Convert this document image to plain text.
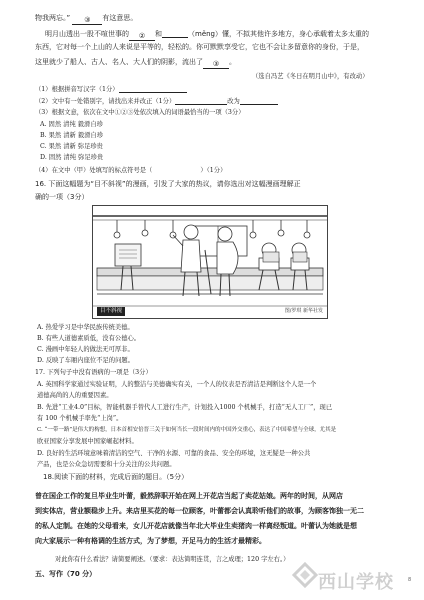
物我两忘。” ③有这意思。
明月山透出一股不喧世事的②和	（měng）懂，不拟其他许多地方，身心承载着太多太重的
东西，它对每一个上山的人来说是平等的，轻松的。你可默默享受它，它也不会让多留意你的身份，于是，
这里就少了船人、古人、名人、大人们的阴影，流出了③。
（选自冯艺《冬日在明月山中》，有改动）
（1）根据拼音写汉字（1分）
（2）文中有一处错别字，请找出来并改正（1分）	改为
（3）根据文意，依次在文中①②③处依次填入的词语最恰当的一项（3分）
A. 固然 清纯 毅滑自珍
B. 果然 清新 毅滑自珍
C. 果然 清新 弥足珍贵
D. 固然 清纯 弥足珍贵
（4）在文中（甲）处填写的标点符号是（	）（1分）
16. 下面这幅题为“目不斜视”的漫画，引发了大家的热议，请你选出对这幅漫画理解正
确的一项（3分）
目不斜视	图/罗琪 新华社发
A. 热爱学习是中华民族传统美德。
B. 有些人道德素质低，没有公德心。
C. 漫画中年轻人的做法无可厚非。
D. 反映了车厢内座位不足的问题。
17. 下列句子中没有语病的一项是（3分）
A. 英国科学家通过实验证明，人的整洁与美德确实有关，一个人的仪表是否清洁是判断这个人是一个
道德高尚的人的重要因素。
B. 先进“工业4.0”目标，智能机器手替代人工进行生产，计划投入1000 个机械手，打造“无人工厂”，现已
有 100 个机械手率先“上岗”。
C. “一带一路”是伟大的构想，日本首相安倍晋三关于如何当长一段时间内的中国外交重心，表达了中国希望与全球，尤其是
欧亚国家分享发展中国家崛起材料。
D. 良好的生活环境意味着清洁的空气、干净的水源、可靠的食品、安全的环境，这无疑是一种公共
产品，也是公众急切需要和十分关注的公共问题。
18.阅读下面的材料，完成后面的题目。（5分）
曾在国企工作的复旦毕业生叶蕾，毅然辞职开始在网上开花店当起了卖花姑娘。两年的时间，从网店
到实体店，营业额稳步上升。来店里买花的每一位顾客，叶蕾都会认真聆听他们的故事，为顾客饰独一无二
的私人定制。在她的父母看来，女儿开花店就像当年北大毕业生卖猪肉一样离经叛道。叶蕾认为她就是想
向大家展示一种有格调的生活方式，为了梦想，开足马力的生活才最精彩。
对此你有什么看法？请简要阐述。（要求：表达简明连贯，言之成理；120 字左右。）
五、写作（70 分）	西山学校	8
